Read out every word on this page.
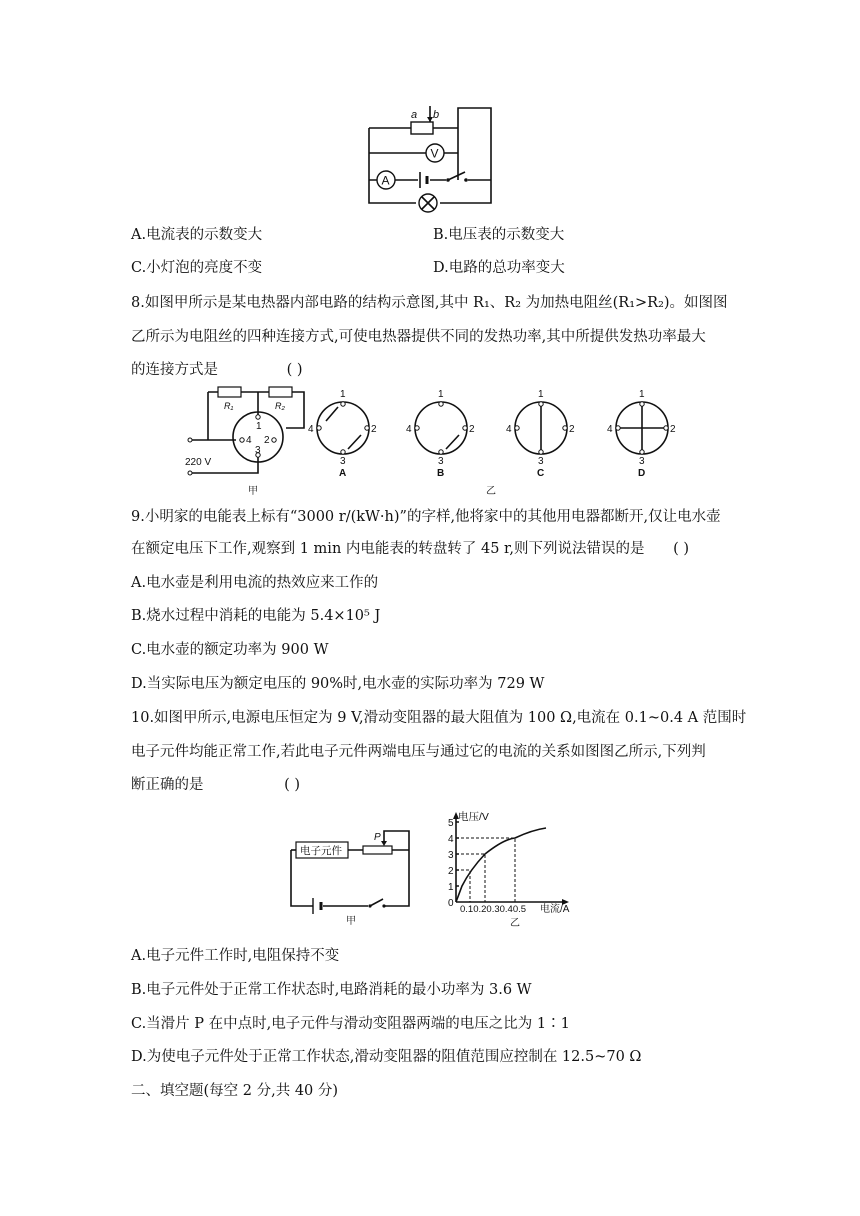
a b
V
A
A.电流表的示数变大	B.电压表的示数变大
C.小灯泡的亮度不变	D.电路的总功率变大
8.如图甲所示是某电热器内部电路的结构示意图,其中 R₁、R₂ 为加热电阻丝(R₁>R₂)。如图图
乙所示为电阻丝的四种连接方式,可使电热器提供不同的发热功率,其中所提供发热功率最大
的连接方式是	( )
R₁	R₂
1
2
3
4
220 V
甲
1
2
3
4
A
1
2
3
4
B
1
2
3
4
C
1
2
3
4
D
乙
9.小明家的电能表上标有“3000 r/(kW·h)”的字样,他将家中的其他用电器都断开,仅让电水壶
在额定电压下工作,观察到 1 min 内电能表的转盘转了 45 r,则下列说法错误的是 ( )
A.电水壶是利用电流的热效应来工作的
B.烧水过程中消耗的电能为 5.4×10⁵ J
C.电水壶的额定功率为 900 W
D.当实际电压为额定电压的 90%时,电水壶的实际功率为 729 W
10.如图甲所示,电源电压恒定为 9 V,滑动变阻器的最大阻值为 100 Ω,电流在 0.1~0.4 A 范围时
电子元件均能正常工作,若此电子元件两端电压与通过它的电流的关系如图图乙所示,下列判
断正确的是	( )
电子元件
P
甲
电压/V
电流/A
0
1
2
3
4
5
0.10.20.30.40.5
乙
A.电子元件工作时,电阻保持不变
B.电子元件处于正常工作状态时,电路消耗的最小功率为 3.6 W
C.当滑片 P 在中点时,电子元件与滑动变阻器两端的电压之比为 1∶1
D.为使电子元件处于正常工作状态,滑动变阻器的阻值范围应控制在 12.5~70 Ω
二、填空题(每空 2 分,共 40 分)
